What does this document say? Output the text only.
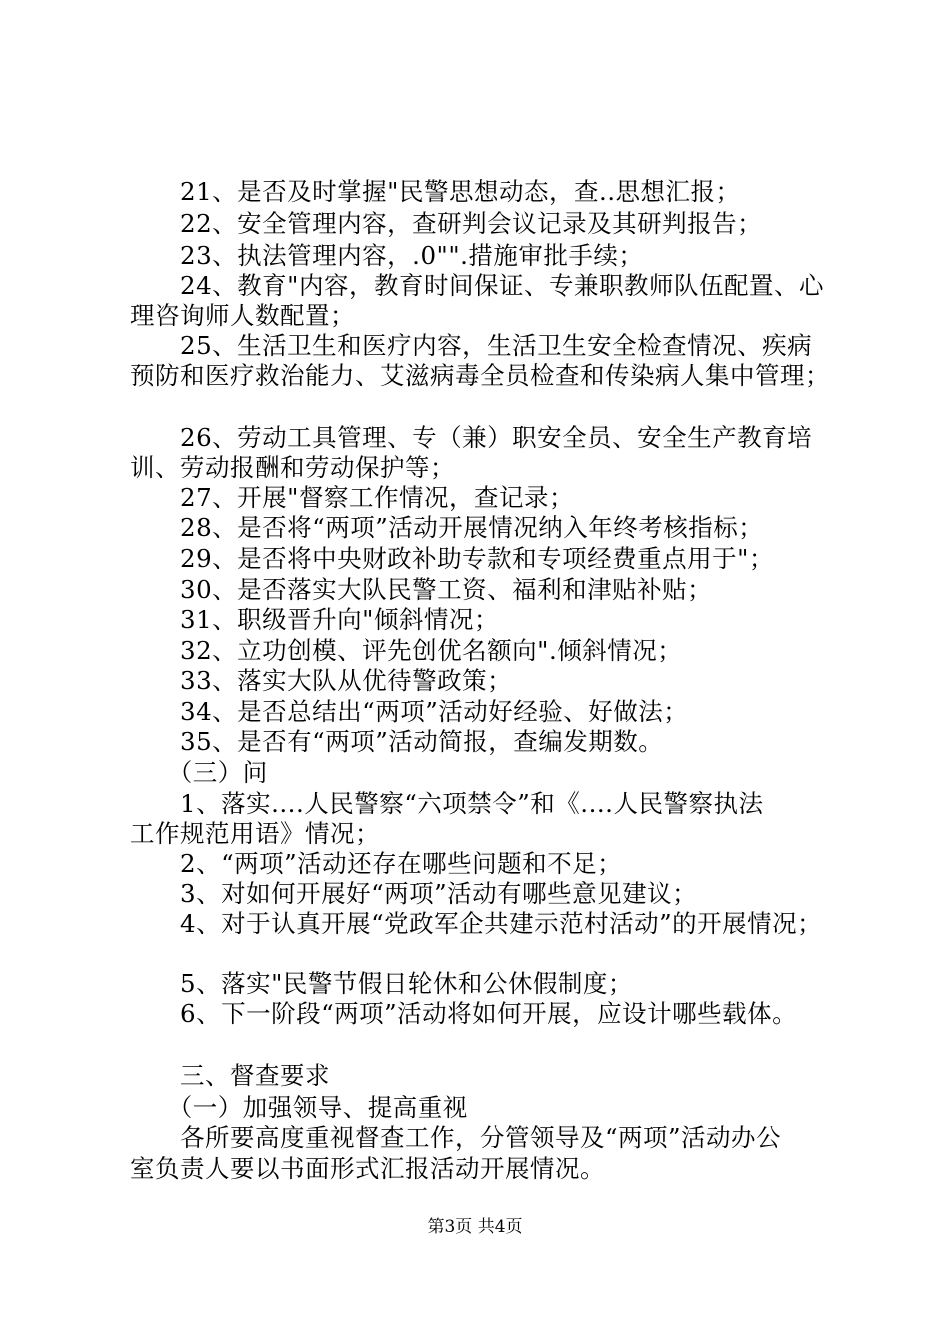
　　21、是否及时掌握"民警思想动态，查..思想汇报；
　　22、安全管理内容，查研判会议记录及其研判报告；
　　23、执法管理内容，.0"".措施审批手续；
　　24、教育"内容，教育时间保证、专兼职教师队伍配置、心
理咨询师人数配置；
　　25、生活卫生和医疗内容，生活卫生安全检查情况、疾病
预防和医疗救治能力、艾滋病毒全员检查和传染病人集中管理；
　　26、劳动工具管理、专（兼）职安全员、安全生产教育培
训、劳动报酬和劳动保护等；
　　27、开展"督察工作情况，查记录；
　　28、是否将“两项”活动开展情况纳入年终考核指标；
　　29、是否将中央财政补助专款和专项经费重点用于"；
　　30、是否落实大队民警工资、福利和津贴补贴；
　　31、职级晋升向"倾斜情况；
　　32、立功创模、评先创优名额向".倾斜情况；
　　33、落实大队从优待警政策；
　　34、是否总结出“两项”活动好经验、好做法；
　　35、是否有“两项”活动简报，查编发期数。
　　（三）问
　　1、落实....人民警察“六项禁令”和《....人民警察执法
工作规范用语》情况；
　　2、“两项”活动还存在哪些问题和不足；
　　3、对如何开展好“两项”活动有哪些意见建议；
　　4、对于认真开展“党政军企共建示范村活动”的开展情况；
　　5、落实"民警节假日轮休和公休假制度；
　　6、下一阶段“两项”活动将如何开展，应设计哪些载体。
　　三、督查要求
　　（一）加强领导、提高重视
　　各所要高度重视督查工作，分管领导及“两项”活动办公
室负责人要以书面形式汇报活动开展情况。
第3页 共4页
